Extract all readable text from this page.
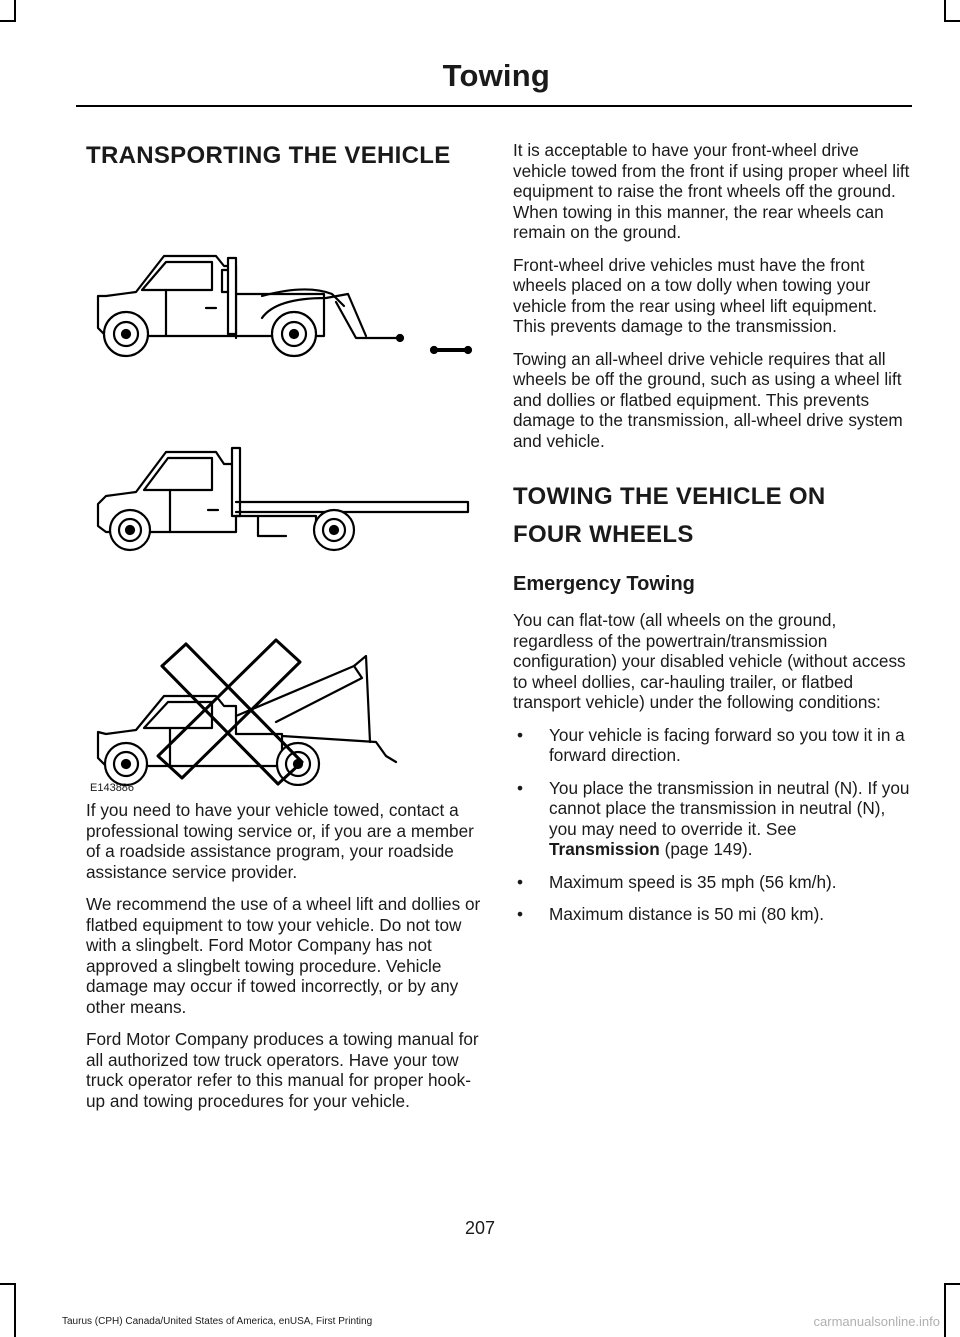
Towing
TRANSPORTING THE VEHICLE
E143886

If you need to have your vehicle towed, contact a professional towing service or, if you are a member of a roadside assistance program, your roadside assistance service provider.

We recommend the use of a wheel lift and dollies or flatbed equipment to tow your vehicle. Do not tow with a slingbelt. Ford Motor Company has not approved a slingbelt towing procedure. Vehicle damage may occur if towed incorrectly, or by any other means.

Ford Motor Company produces a towing manual for all authorized tow truck operators. Have your tow truck operator refer to this manual for proper hook-up and towing procedures for your vehicle.

It is acceptable to have your front-wheel drive vehicle towed from the front if using proper wheel lift equipment to raise the front wheels off the ground. When towing in this manner, the rear wheels can remain on the ground.

Front-wheel drive vehicles must have the front wheels placed on a tow dolly when towing your vehicle from the rear using wheel lift equipment. This prevents damage to the transmission.

Towing an all-wheel drive vehicle requires that all wheels be off the ground, such as using a wheel lift and dollies or flatbed equipment. This prevents damage to the transmission, all-wheel drive system and vehicle.

TOWING THE VEHICLE ON
FOUR WHEELS
Emergency Towing

You can flat-tow (all wheels on the ground, regardless of the powertrain/transmission configuration) your disabled vehicle (without access to wheel dollies, car-hauling trailer, or flatbed transport vehicle) under the following conditions:

• Your vehicle is facing forward so you tow it in a forward direction.
• You place the transmission in neutral (N). If you cannot place the transmission in neutral (N), you may need to override it. See Transmission (page 149).
• Maximum speed is 35 mph (56 km/h).
• Maximum distance is 50 mi (80 km).
207
Taurus (CPH) Canada/United States of America, enUSA, First Printing	carmanualsonline.info
